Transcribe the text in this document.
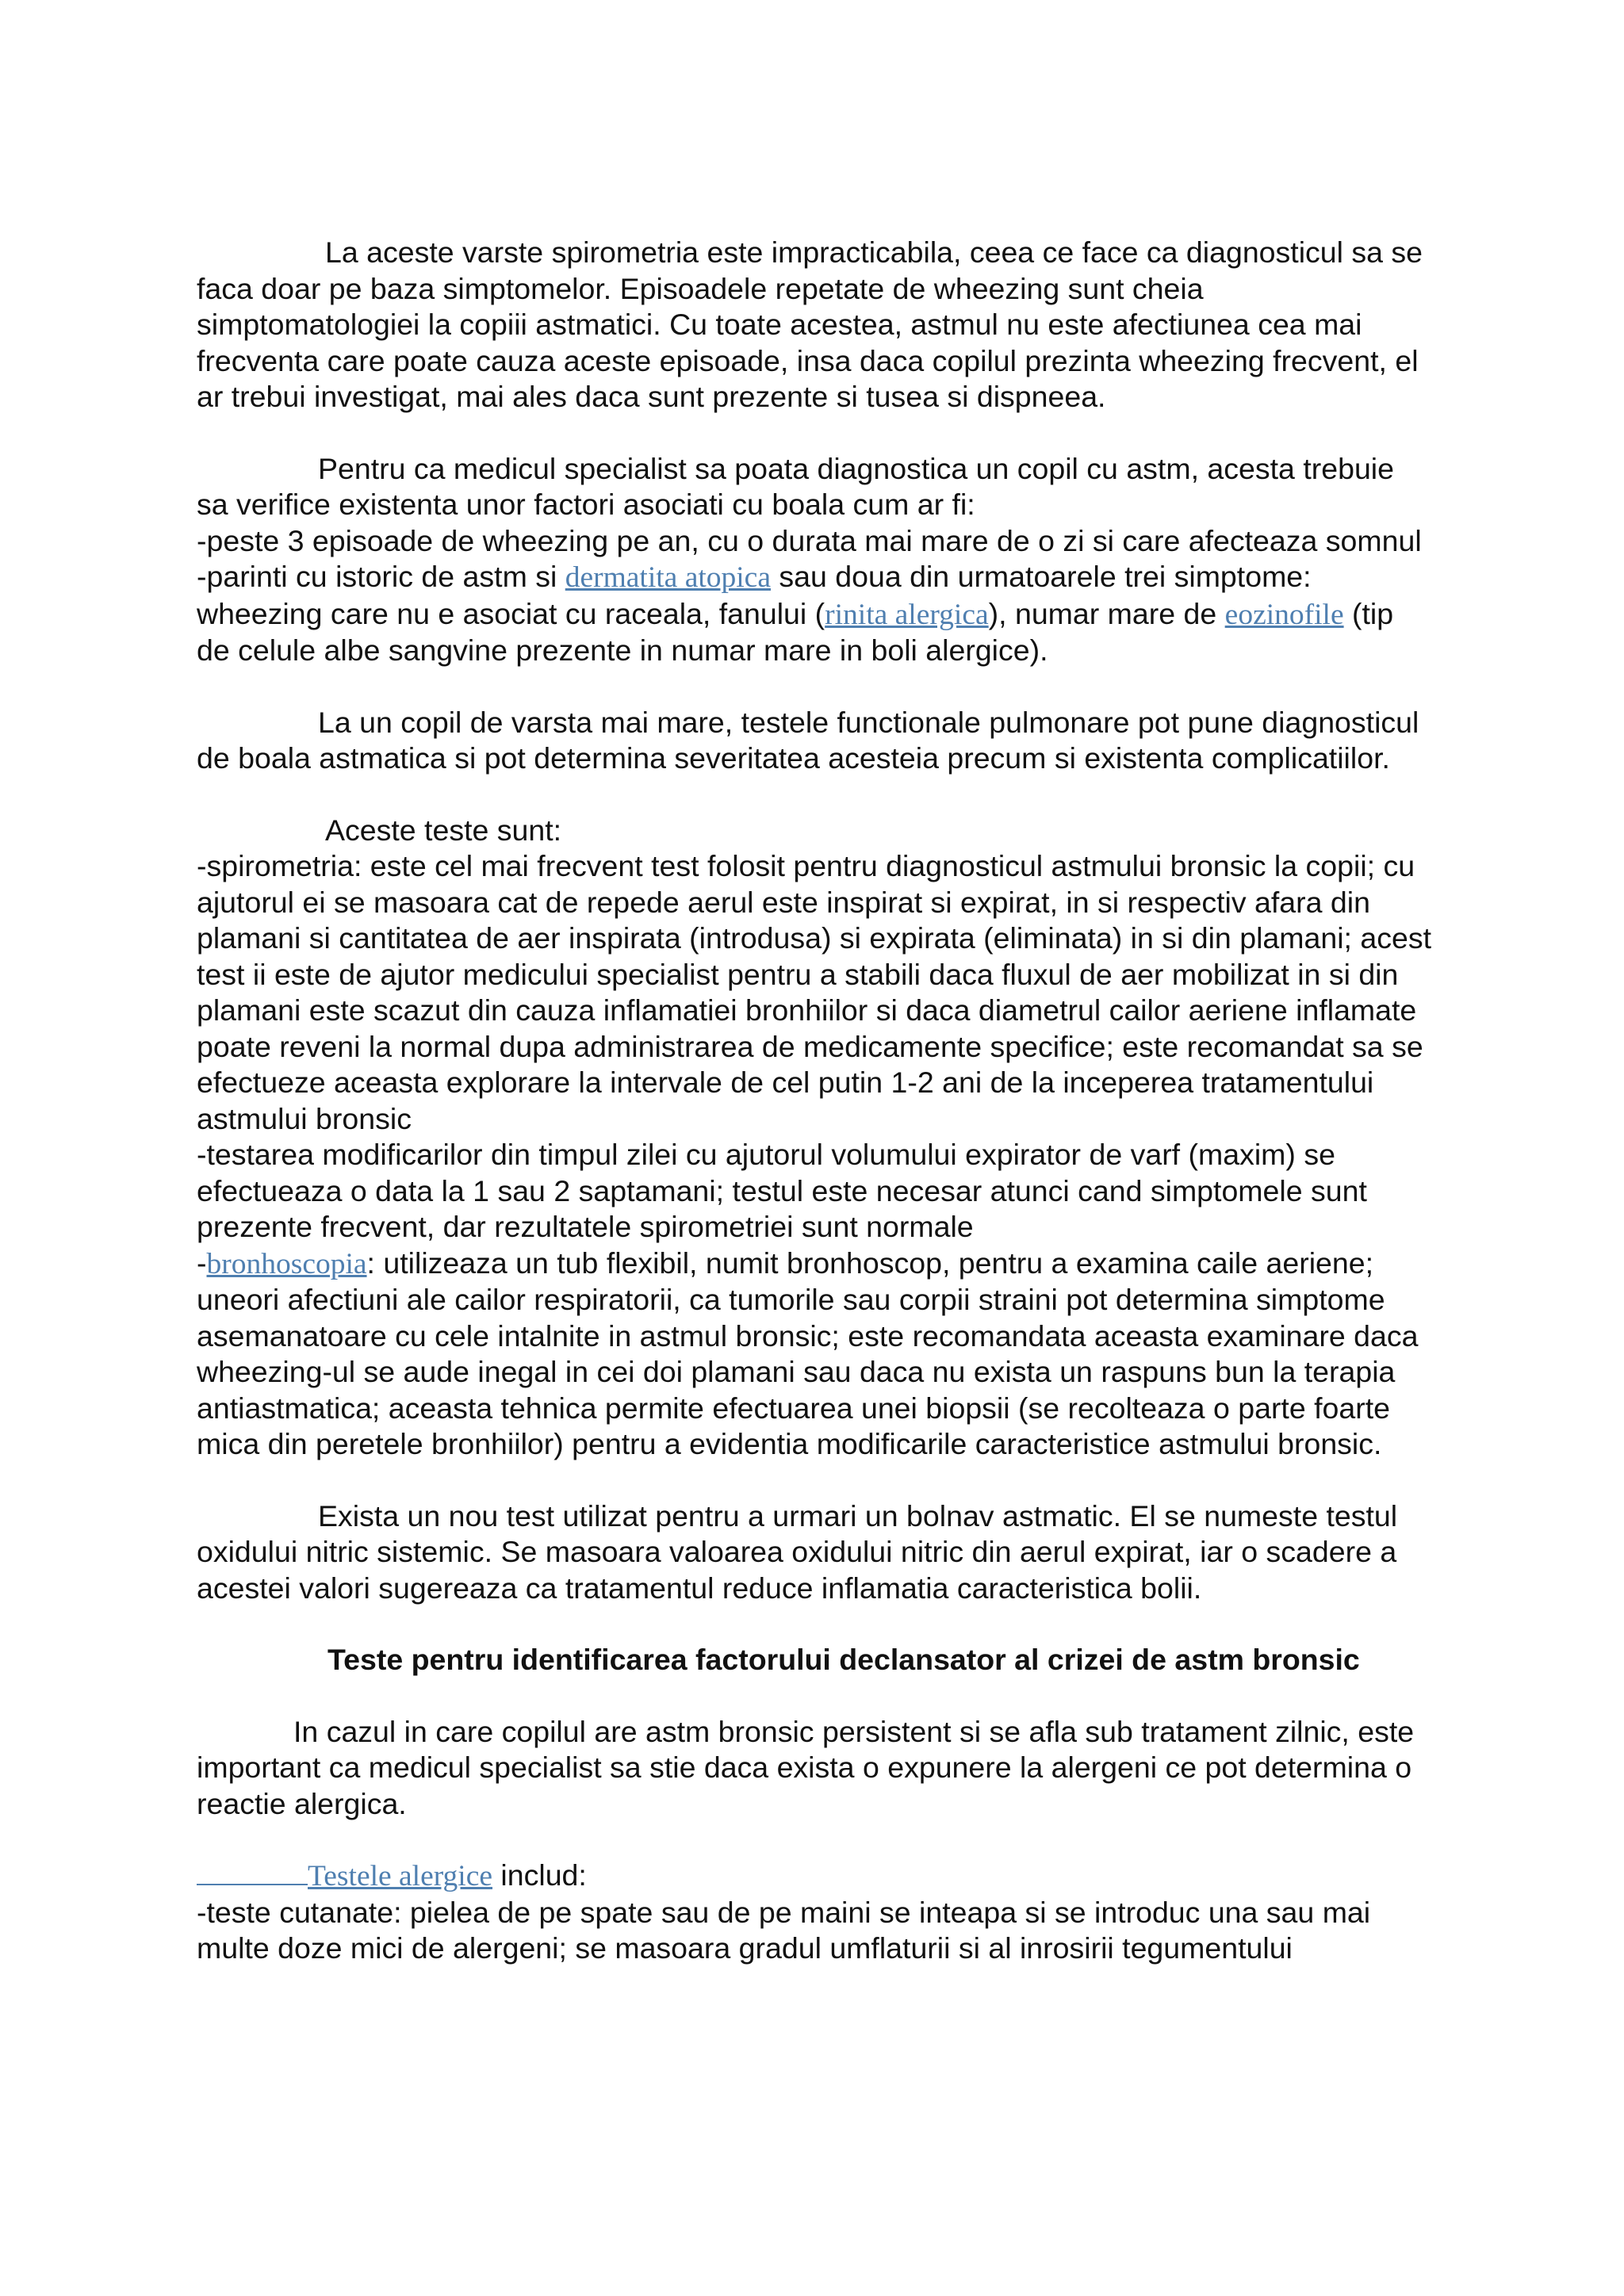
La aceste varste spirometria este impracticabila, ceea ce face ca diagnosticul sa se faca doar pe baza simptomelor. Episoadele repetate de wheezing sunt cheia simptomatologiei la copiii astmatici. Cu toate acestea, astmul nu este afectiunea cea mai frecventa care poate cauza aceste episoade, insa daca copilul prezinta wheezing frecvent, el ar trebui investigat, mai ales daca sunt prezente si tusea si dispneea.

Pentru ca medicul specialist sa poata diagnostica un copil cu astm, acesta trebuie sa verifice existenta unor factori asociati cu boala cum ar fi:

-peste 3 episoade de wheezing pe an, cu o durata mai mare de o zi si care afecteaza somnul

-parinti cu istoric de astm si dermatita atopica sau doua din urmatoarele trei simptome: wheezing care nu e asociat cu raceala, fanului (rinita alergica), numar mare de eozinofile (tip de celule albe sangvine prezente in numar mare in boli alergice).

La un copil de varsta mai mare, testele functionale pulmonare pot pune diagnosticul de boala astmatica si pot determina severitatea acesteia precum si existenta complicatiilor.

Aceste teste sunt:

-spirometria: este cel mai frecvent test folosit pentru diagnosticul astmului bronsic la copii; cu ajutorul ei se masoara cat de repede aerul este inspirat si expirat, in si respectiv afara din plamani si cantitatea de aer inspirata (introdusa) si expirata (eliminata) in si din plamani; acest test ii este de ajutor medicului specialist pentru a stabili daca fluxul de aer mobilizat in si din plamani este scazut din cauza inflamatiei bronhiilor si daca diametrul cailor aeriene inflamate poate reveni la normal dupa administrarea de medicamente specifice; este recomandat sa se efectueze aceasta explorare la intervale de cel putin 1-2 ani de la inceperea tratamentului astmului bronsic

-testarea modificarilor din timpul zilei cu ajutorul volumului expirator de varf (maxim) se efectueaza o data la 1 sau 2 saptamani; testul este necesar atunci cand simptomele sunt prezente frecvent, dar rezultatele spirometriei sunt normale

-bronhoscopia: utilizeaza un tub flexibil, numit bronhoscop, pentru a examina caile aeriene; uneori afectiuni ale cailor respiratorii, ca tumorile sau corpii straini pot determina simptome asemanatoare cu cele intalnite in astmul bronsic; este recomandata aceasta examinare daca wheezing-ul se aude inegal in cei doi plamani sau daca nu exista un raspuns bun la terapia antiastmatica; aceasta tehnica permite efectuarea unei biopsii (se recolteaza o parte foarte mica din peretele bronhiilor) pentru a evidentia modificarile caracteristice astmului bronsic.

Exista un nou test utilizat pentru a urmari un bolnav astmatic. El se numeste testul oxidului nitric sistemic. Se masoara valoarea oxidului nitric din aerul expirat, iar o scadere a acestei valori sugereaza ca tratamentul reduce inflamatia caracteristica bolii.

Teste pentru identificarea factorului declansator al crizei de astm bronsic

In cazul in care copilul are astm bronsic persistent si se afla sub tratament zilnic, este important ca medicul specialist sa stie daca exista o expunere la alergeni ce pot determina o reactie alergica.

Testele alergice includ:

-teste cutanate: pielea de pe spate sau de pe maini se inteapa si se introduc una sau mai multe doze mici de alergeni; se masoara gradul umflaturii si al inrosirii tegumentului
